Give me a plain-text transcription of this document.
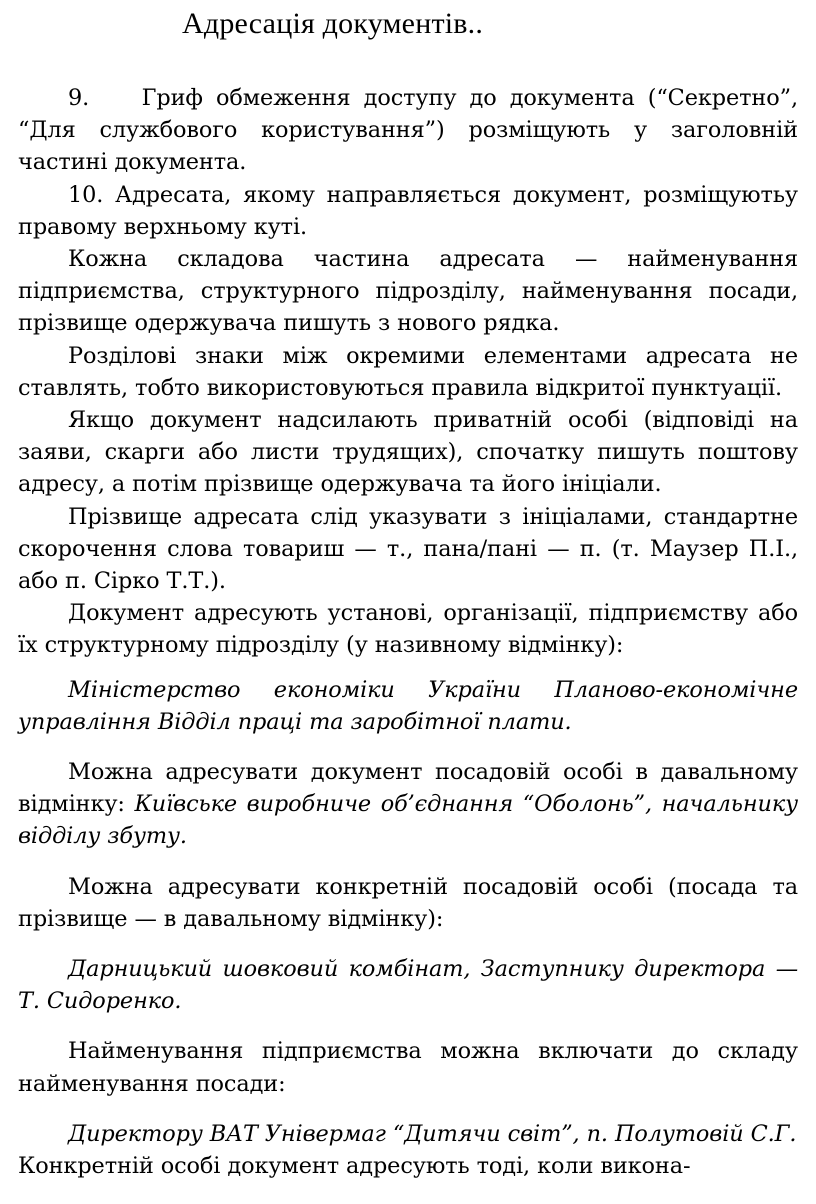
Адресація документів..

9.    Гриф обмеження доступу до документа (“Секретно”, “Для службового користування”) розміщують у заголовній частині документа.

10. Адресата, якому направляється документ, розміщуютьу правому верхньому куті.

Кожна складова частина адресата — найменування підприємства, структурного підрозділу, найменування посади, прізвище одержувача пишуть з нового рядка.

Розділові знаки між окремими елементами адресата не ставлять, тобто використовуються правила відкритої пунктуації.

Якщо документ надсилають приватній особі (відповіді на заяви, скарги або листи трудящих), спочатку пишуть поштову адресу, а потім прізвище одержувача та його ініціали.

Прізвище адресата слід указувати з ініціалами, стандартне скорочення слова товариш — т., пана/пані — п. (т. Маузер П.І., або п. Сірко Т.Т.).

Документ адресують установі, організації, підприємству або їх структурному підрозділу (у називному відмінку):

Міністерство економіки України Планово-економічне управління Відділ праці та заробітної плати.

Можна адресувати документ посадовій особі в давальному відмінку: Київське виробниче об’єднання “Оболонь”, начальнику відділу збуту.

Можна адресувати конкретній посадовій особі (посада та прізвище — в давальному відмінку):

Дарницький шовковий комбінат, Заступнику директора —Т. Сидоренко.

Найменування підприємства можна включати до складу найменування посади:

Директору ВАТ Універмаг “Дитячи світ”, п. Полутовій С.Г.

Конкретній особі документ адресують тоді, коли викона-
